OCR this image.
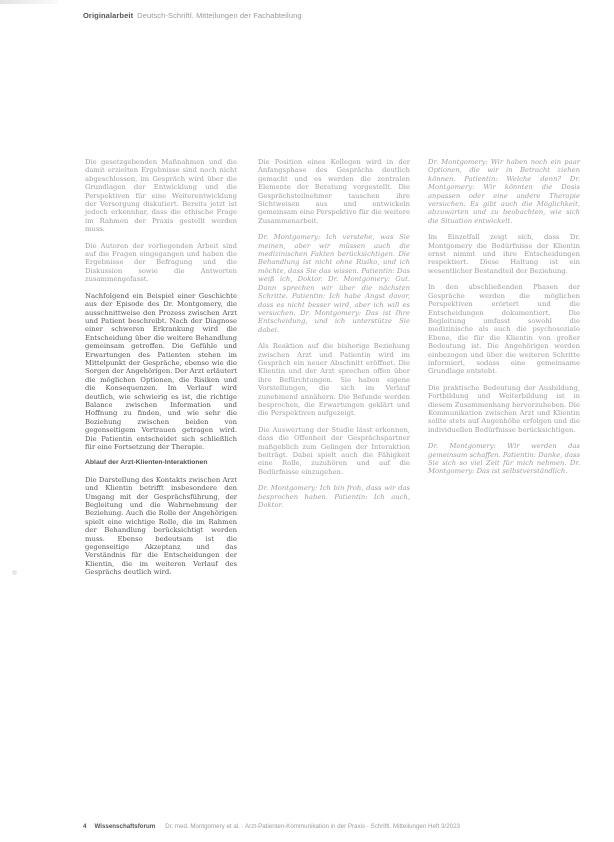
Originalarbeit Deutsch-Schriftl. Mitteilungen der Fachabteilung

Die gesetzgebenden Maßnahmen und die damit erzielten Ergebnisse sind noch nicht abgeschlossen, im Gespräch wird über die Grundlagen der Entwicklung und die Perspektiven für eine Weiterentwicklung der Versorgung diskutiert. Bereits jetzt ist jedoch erkennbar, dass die ethische Frage im Rahmen der Praxis gestellt werden muss.

Die Autoren der vorliegenden Arbeit sind auf die Fragen eingegangen und haben die Ergebnisse der Befragung und die Diskussion sowie die Antworten zusammengefasst.

Nachfolgend ein Beispiel einer Geschichte aus der Episode des Dr. Montgomery, die ausschnittweise den Prozess zwischen Arzt und Patient beschreibt. Nach der Diagnose einer schweren Erkrankung wird die Entscheidung über die weitere Behandlung gemeinsam getroffen. Die Gefühle und Erwartungen des Patienten stehen im Mittelpunkt der Gespräche, ebenso wie die Sorgen der Angehörigen. Der Arzt erläutert die möglichen Optionen, die Risiken und die Konsequenzen. Im Verlauf wird deutlich, wie schwierig es ist, die richtige Balance zwischen Information und Hoffnung zu finden, und wie sehr die Beziehung zwischen beiden von gegenseitigem Vertrauen getragen wird. Die Patientin entscheidet sich schließlich für eine Fortsetzung der Therapie.

Ablauf der Arzt-Klienten-Interaktionen

Die Darstellung des Kontakts zwischen Arzt und Klientin betrifft insbesondere den Umgang mit der Gesprächsführung, der Begleitung und die Wahrnehmung der Beziehung. Auch die Rolle der Angehörigen spielt eine wichtige Rolle, die im Rahmen der Behandlung berücksichtigt werden muss. Ebenso bedeutsam ist die gegenseitige Akzeptanz und das Verständnis für die Entscheidungen der Klientin, die im weiteren Verlauf des Gesprächs deutlich wird.

Die Position eines Kollegen wird in der Anfangsphase des Gesprächs deutlich gemacht und es werden die zentralen Elemente der Beratung vorgestellt. Die Gesprächsteilnehmer tauschen ihre Sichtweisen aus und entwickeln gemeinsam eine Perspektive für die weitere Zusammenarbeit.

Dr. Montgomery: Ich verstehe, was Sie meinen, aber wir müssen auch die medizinischen Fakten berücksichtigen. Die Behandlung ist nicht ohne Risiko, und ich möchte, dass Sie das wissen. Patientin: Das weiß ich, Doktor. Dr. Montgomery: Gut. Dann sprechen wir über die nächsten Schritte. Patientin: Ich habe Angst davor, dass es nicht besser wird, aber ich will es versuchen. Dr. Montgomery: Das ist Ihre Entscheidung, und ich unterstütze Sie dabei.

Als Reaktion auf die bisherige Beziehung zwischen Arzt und Patientin wird im Gespräch ein neuer Abschnitt eröffnet. Die Klientin und der Arzt sprechen offen über ihre Befürchtungen. Sie haben eigene Vorstellungen, die sich im Verlauf zunehmend annähern. Die Befunde werden besprochen, die Erwartungen geklärt und die Perspektiven aufgezeigt.

Die Auswertung der Studie lässt erkennen, dass die Offenheit der Gesprächspartner maßgeblich zum Gelingen der Interaktion beiträgt. Dabei spielt auch die Fähigkeit eine Rolle, zuzuhören und auf die Bedürfnisse einzugehen.

Dr. Montgomery: Ich bin froh, dass wir das besprochen haben. Patientin: Ich auch, Doktor.

Dr. Montgomery: Wir haben noch ein paar Optionen, die wir in Betracht ziehen können. Patientin: Welche denn? Dr. Montgomery: Wir könnten die Dosis anpassen oder eine andere Therapie versuchen. Es gibt auch die Möglichkeit, abzuwarten und zu beobachten, wie sich die Situation entwickelt.

Im Einzelfall zeigt sich, dass Dr. Montgomery die Bedürfnisse der Klientin ernst nimmt und ihre Entscheidungen respektiert. Diese Haltung ist ein wesentlicher Bestandteil der Beziehung.

In den abschließenden Phasen der Gespräche werden die möglichen Perspektiven erörtert und die Entscheidungen dokumentiert. Die Begleitung umfasst sowohl die medizinische als auch die psychosoziale Ebene, die für die Klientin von großer Bedeutung ist. Die Angehörigen werden einbezogen und über die weiteren Schritte informiert, sodass eine gemeinsame Grundlage entsteht.

Die praktische Bedeutung der Ausbildung, Fortbildung und Weiterbildung ist in diesem Zusammenhang hervorzuheben. Die Kommunikation zwischen Arzt und Klientin sollte stets auf Augenhöhe erfolgen und die individuellen Bedürfnisse berücksichtigen.

Dr. Montgomery: Wir werden das gemeinsam schaffen. Patientin: Danke, dass Sie sich so viel Zeit für mich nehmen. Dr. Montgomery: Das ist selbstverständlich.

4 Wissenschaftsforum Dr. med. Montgomery et al. · Arzt-Patienten-Kommunikation in der Praxis · Schriftl. Mitteilungen Heft 3/2023
